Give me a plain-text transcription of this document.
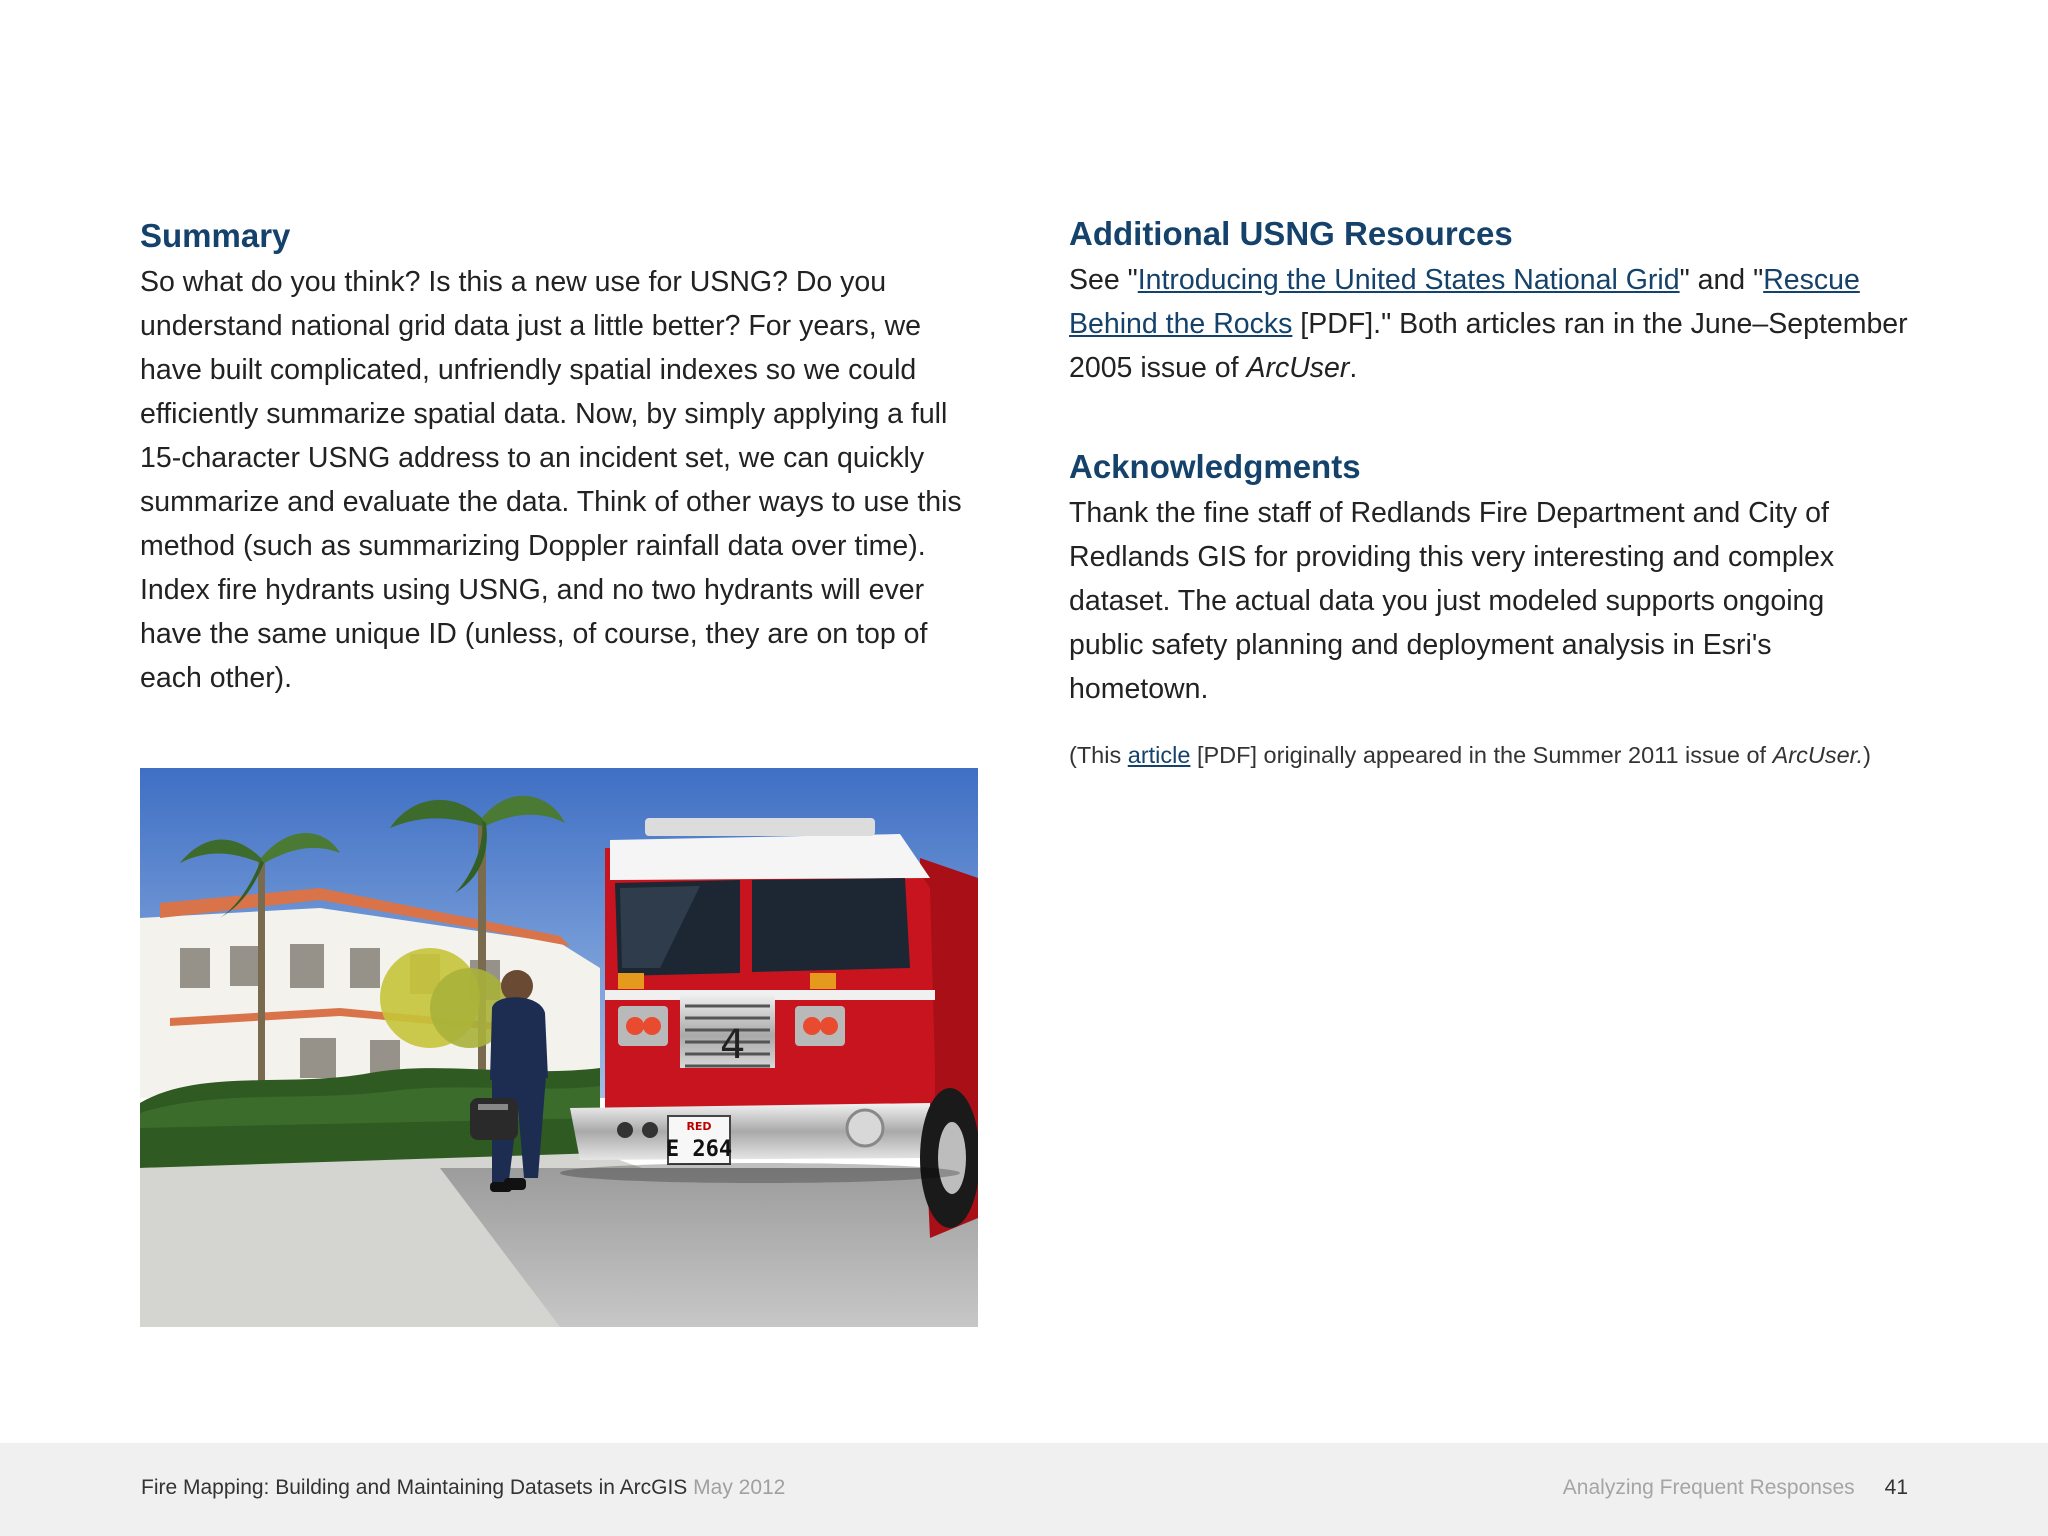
Summary

So what do you think? Is this a new use for USNG? Do you understand national grid data just a little better? For years, we have built complicated, unfriendly spatial indexes so we could efficiently summarize spatial data. Now, by simply applying a full 15-character USNG address to an incident set, we can quickly summarize and evaluate the data. Think of other ways to use this method (such as summarizing Doppler rainfall data over time). Index fire hydrants using USNG, and no two hydrants will ever have the same unique ID (unless, of course, they are on top of each other).

4
RED
E 264
Additional USNG Resources

See "Introducing the United States National Grid" and "Rescue Behind the Rocks [PDF]." Both articles ran in the June–September 2005 issue of ArcUser.

Acknowledgments

Thank the fine staff of Redlands Fire Department and City of Redlands GIS for providing this very interesting and complex dataset. The actual data you just modeled supports ongoing public safety planning and deployment analysis in Esri's hometown.

(This article [PDF] originally appeared in the Summer 2011 issue of ArcUser.)

Fire Mapping: Building and Maintaining Datasets in ArcGIS May 2012	Analyzing Frequent Responses 41
